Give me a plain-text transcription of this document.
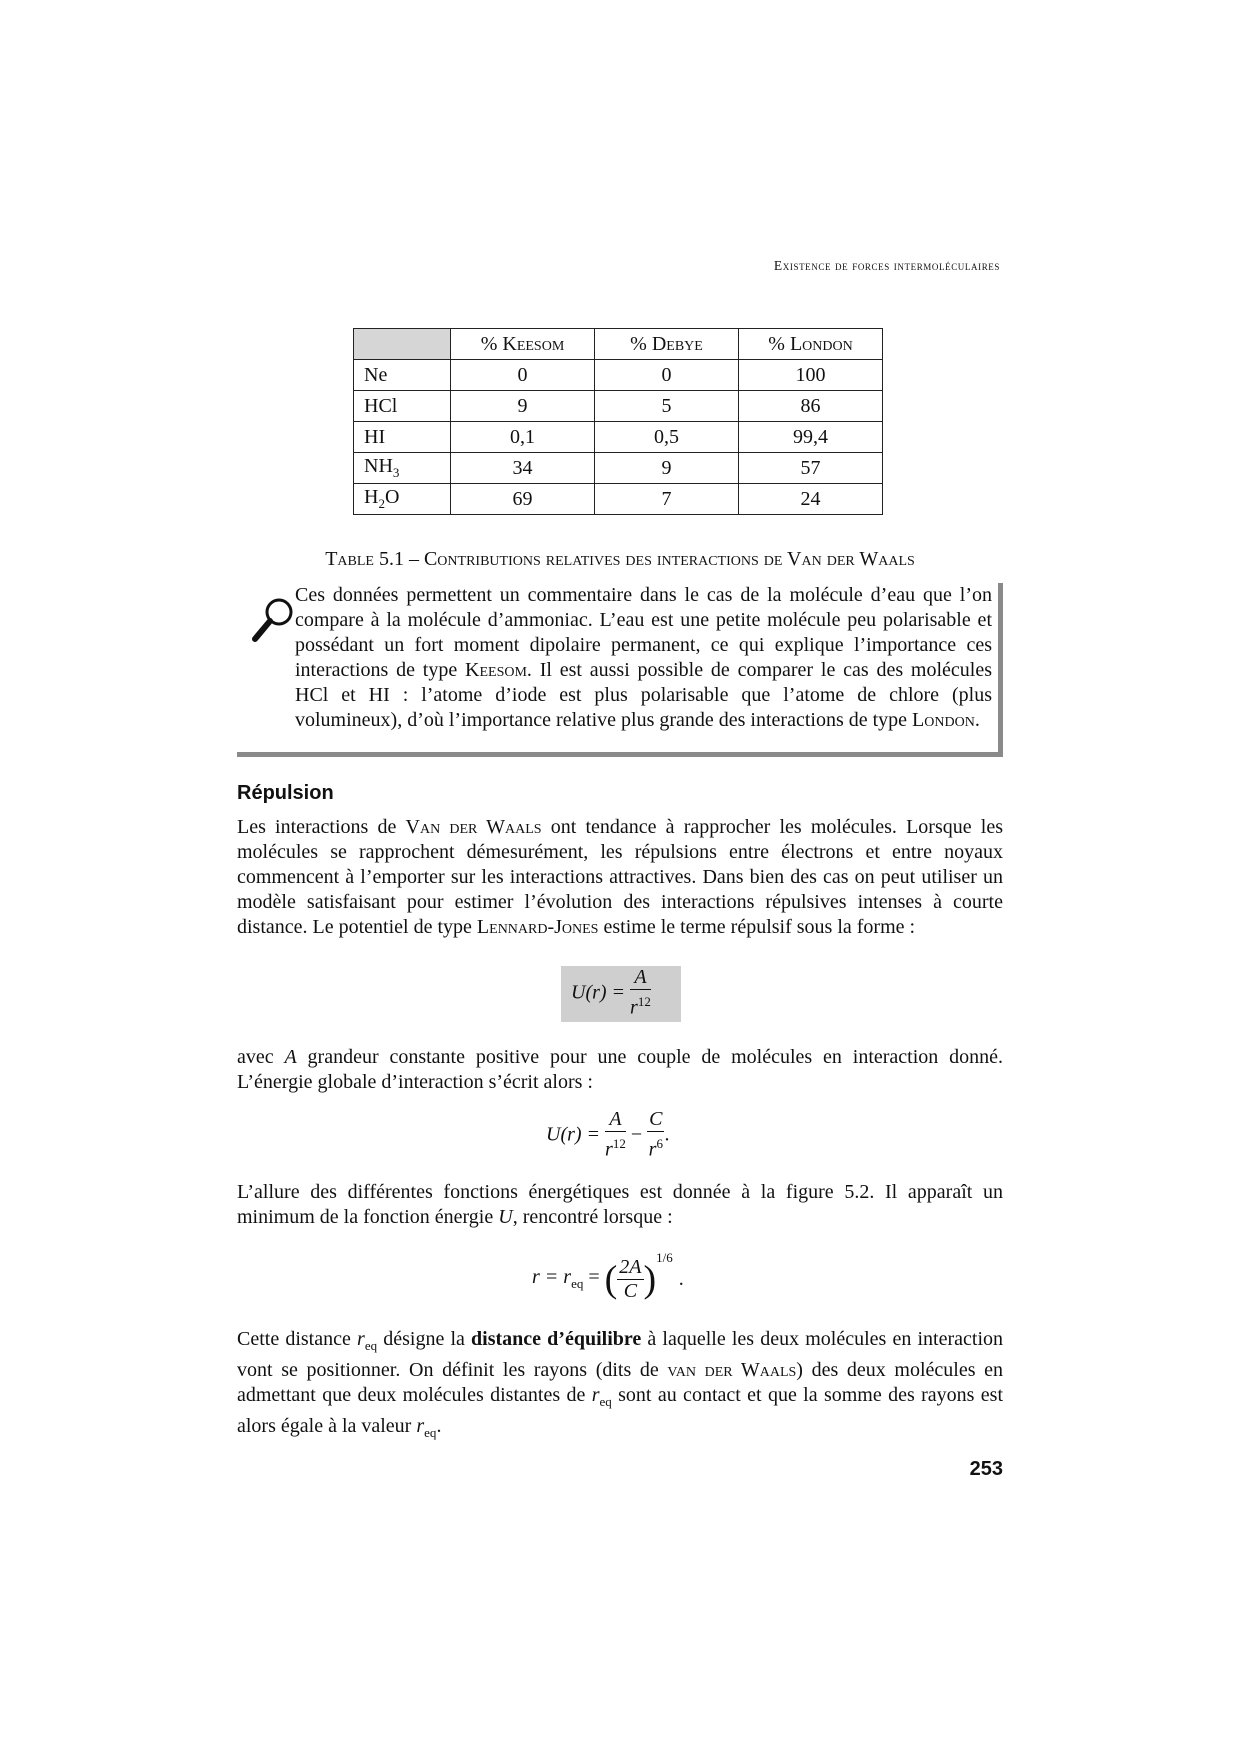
Existence de forces intermoléculaires
	% Keesom	% Debye	% London
Ne	0	0	100
HCl	9	5	86
HI	0,1	0,5	99,4
$NH_3$	34	9	57
$H_2O$	69	7	24
Table 5.1 – Contributions relatives des interactions de Van der Waals
Ces données permettent un commentaire dans le cas de la molécule d’eau que l’on compare à la molécule d’ammoniac. L’eau est une petite molécule peu polarisable et possédant un fort moment dipolaire permanent, ce qui explique l’importance ces interactions de type Keesom. Il est aussi possible de comparer le cas des molécules HCl et HI : l’atome d’iode est plus polarisable que l’atome de chlore (plus volumineux), d’où l’importance relative plus grande des interactions de type London.
Répulsion
Les interactions de Van der Waals ont tendance à rapprocher les molécules. Lorsque les molécules se rapprochent démesurément, les répulsions entre électrons et entre noyaux commencent à l’emporter sur les interactions attractives. Dans bien des cas on peut utiliser un modèle satisfaisant pour estimer l’évolution des interactions répulsives intenses à courte distance. Le potentiel de type Lennard-Jones estime le terme répulsif sous la forme :
$U(r) = \frac{A}{r^{12}}$
avec A grandeur constante positive pour une couple de molécules en interaction donné. L’énergie globale d’interaction s’écrit alors :
$U(r) = \frac{A}{r^{12}} - \frac{C}{r^6}$ .
L’allure des différentes fonctions énergétiques est donnée à la figure 5.2. Il apparaît un minimum de la fonction énergie U, rencontré lorsque :
$r = r_{eq}$ = ( $\frac{2A}{C} )^{1/6}$.
Cette distance $r_{eq}$ désigne la distance d’équilibre à laquelle les deux molécules en interaction vont se positionner. On définit les rayons (dits de van der Waals) des deux molécules en admettant que deux molécules distantes de $r_{eq}$ sont au contact et que la somme des rayons est alors égale à la valeur $r_{eq}$.
253
